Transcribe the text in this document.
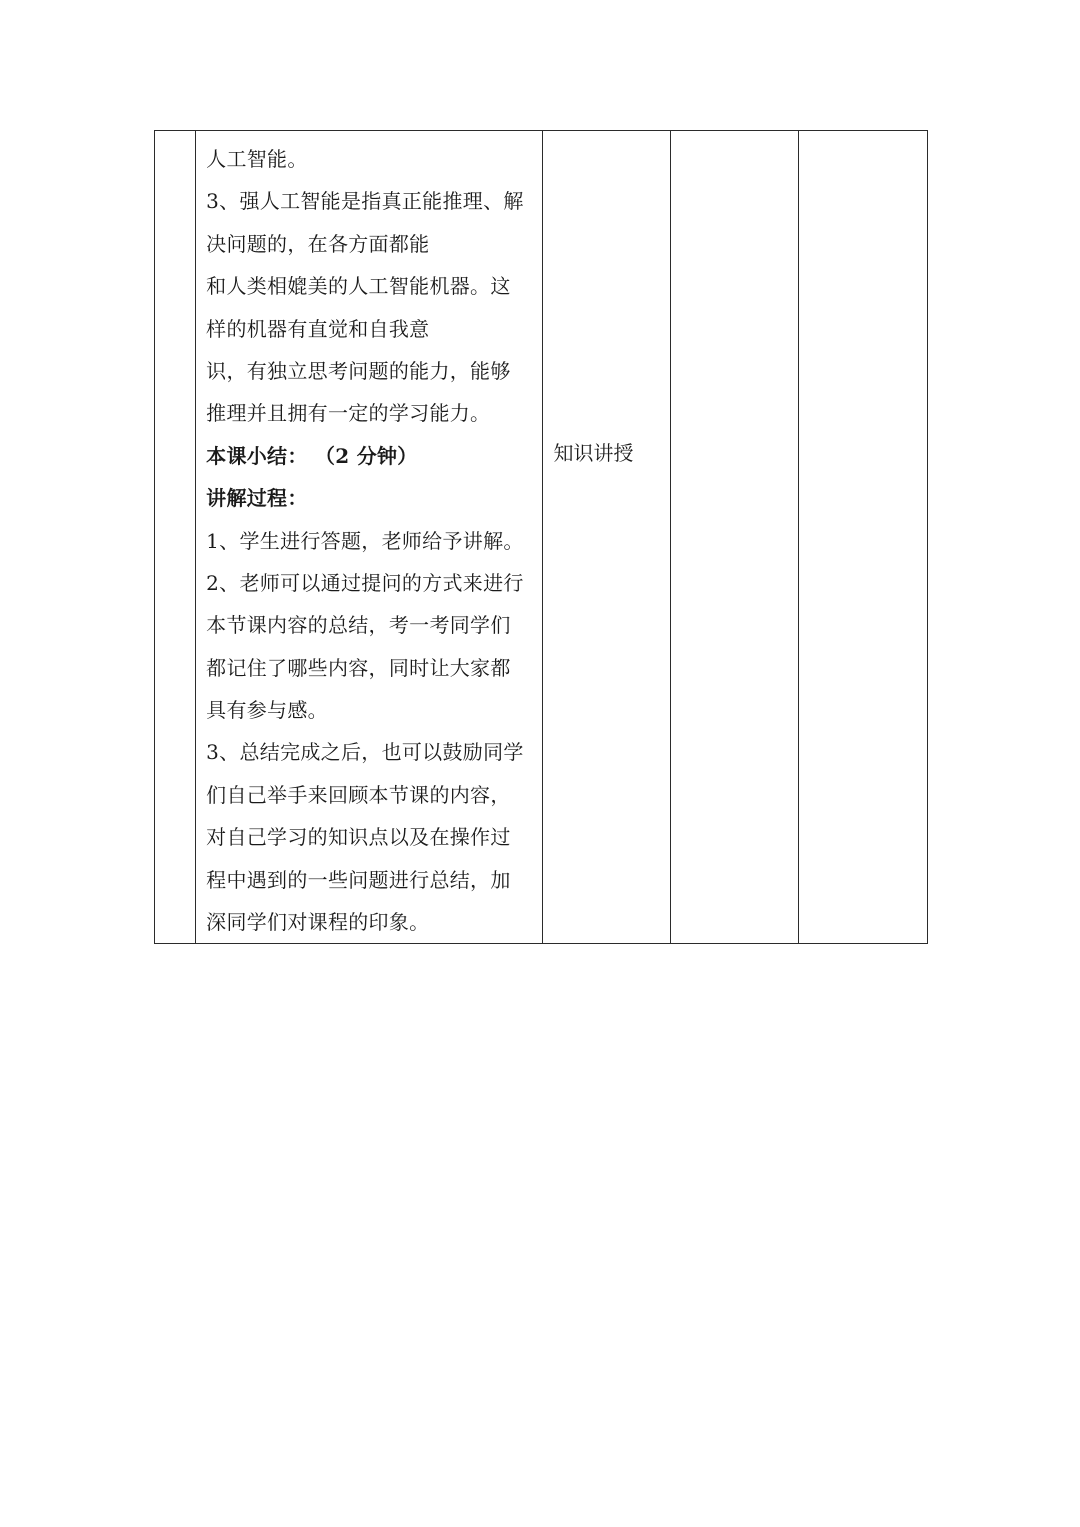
人工智能。
3、强人工智能是指真正能推理、解
决问题的，在各方面都能
和人类相媲美的人工智能机器。这
样的机器有直觉和自我意
识，有独立思考问题的能力，能够
推理并且拥有一定的学习能力。
本课小结： （2 分钟）
讲解过程：
1、学生进行答题，老师给予讲解。
2、老师可以通过提问的方式来进行
本节课内容的总结，考一考同学们
都记住了哪些内容，同时让大家都
具有参与感。
3、总结完成之后，也可以鼓励同学
们自己举手来回顾本节课的内容，
对自己学习的知识点以及在操作过
程中遇到的一些问题进行总结，加
深同学们对课程的印象。

知识讲授
